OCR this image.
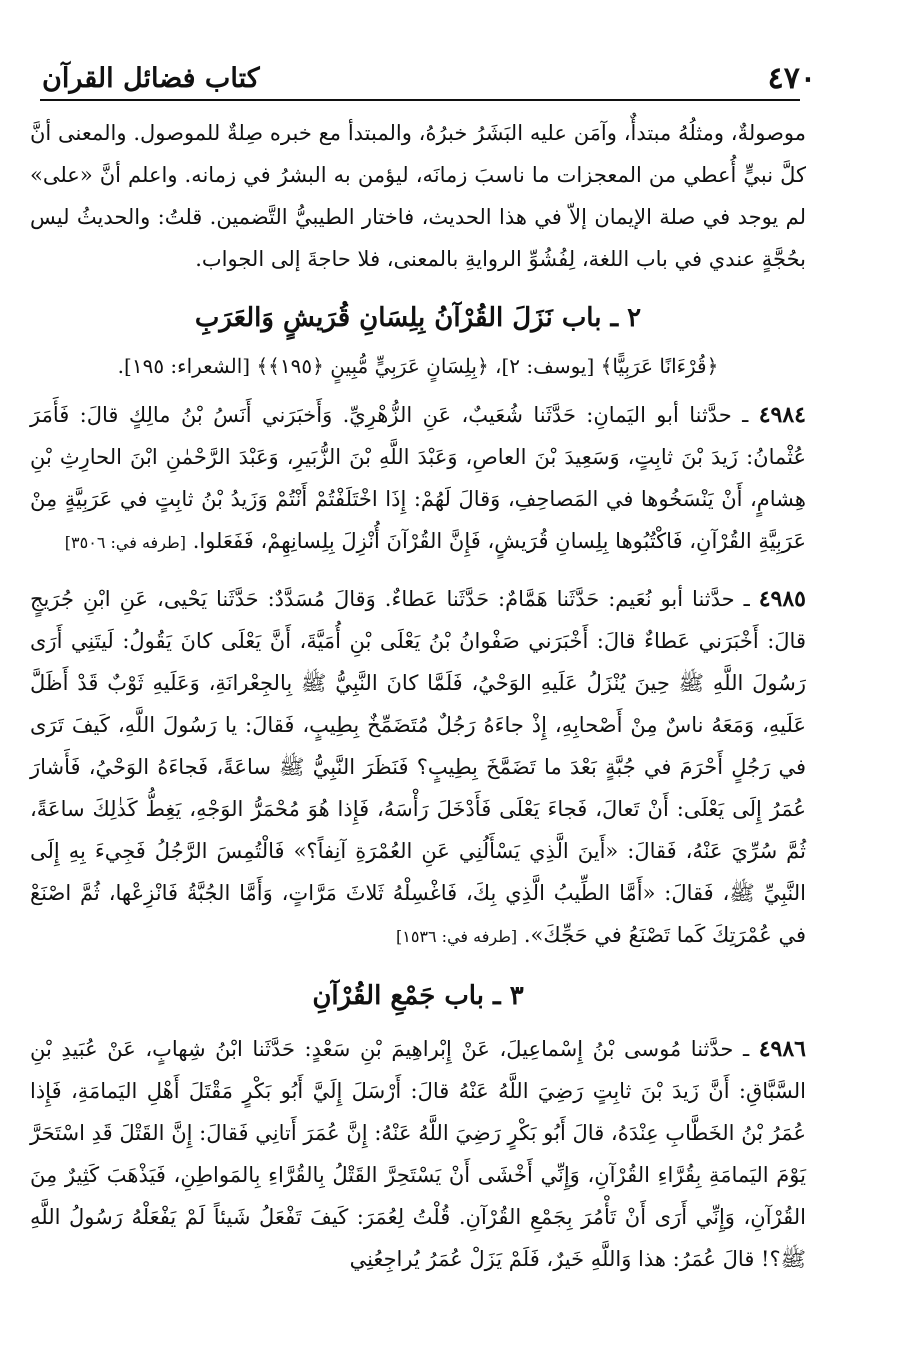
٤٧٠
كتاب فضائل القرآن

موصولةٌ، ومثلُهُ مبتدأٌ، وآمَن عليه البَشَرُ خبرُهُ، والمبتدأ مع خبره صِلةٌ للموصول. والمعنى أنَّ كلَّ نبيٍّ أُعطي من المعجزات ما ناسبَ زمانَه، ليؤمن به البشرُ في زمانه. واعلم أنَّ «على» لم يوجد في صلة الإيمان إلاّ في هذا الحديث، فاختار الطيبيُّ التَّضمين. قلتُ: والحديثُ ليس بحُجَّةٍ عندي في باب اللغة، لِفُشُوِّ الروايةِ بالمعنى، فلا حاجةَ إلى الجواب.

٢ ـ باب نَزَلَ القُرْآنُ بِلِسَانِ قُرَيشٍ وَالعَرَبِ

﴿قُرْءَانًا عَرَبِيًّا﴾ [يوسف: ٢]، ﴿بِلِسَانٍ عَرَبِيٍّ مُّبِينٍ ﴿١٩٥﴾﴾ [الشعراء: ١٩٥].

٤٩٨٤ ـ حدَّثنا أبو اليَمانِ: حَدَّثَنا شُعَيبٌ، عَنِ الزُّهْرِيِّ. وَأَخبَرَني أَنَسُ بْنُ مالِكٍ قالَ: فَأَمَرَ عُثْمانُ: زَيدَ بْنَ ثابِتٍ، وَسَعِيدَ بْنَ العاصِ، وَعَبْدَ اللَّهِ بْنَ الزُّبَيرِ، وَعَبْدَ الرَّحْمٰنِ ابْنَ الحارِثِ بْنِ هِشامٍ، أَنْ يَنْسَخُوها في المَصاحِفِ، وَقالَ لَهُمْ: إِذَا اخْتَلَفْتُمْ أَنْتُمْ وَزَيدُ بْنُ ثابِتٍ في عَرَبِيَّةٍ مِنْ عَرَبِيَّةِ القُرْآنِ، فَاكْتُبُوها بِلِسانِ قُرَيشٍ، فَإِنَّ القُرْآنَ أُنْزِلَ بِلِسانِهِمْ، فَفَعَلوا. [طرفه في: ٣٥٠٦]

٤٩٨٥ ـ حدَّثنا أبو نُعَيم: حَدَّثَنا هَمَّامٌ: حَدَّثَنا عَطاءٌ. وَقالَ مُسَدَّدٌ: حَدَّثَنا يَحْيى، عَنِ ابْنِ جُرَيجٍ قالَ: أَخْبَرَني عَطاءٌ قالَ: أَخْبَرَني صَفْوانُ بْنُ يَعْلَى بْنِ أُمَيَّةَ، أَنَّ يَعْلَى كانَ يَقُولُ: لَيتَنِي أَرَى رَسُولَ اللَّهِ ﷺ حِينَ يُنْزَلُ عَلَيهِ الوَحْيُ، فَلَمَّا كانَ النَّبِيُّ ﷺ بِالجِعْرانَةِ، وَعَلَيهِ ثَوْبٌ قَدْ أَظَلَّ عَلَيهِ، وَمَعَهُ ناسٌ مِنْ أَصْحابِهِ، إِذْ جاءَهُ رَجُلٌ مُتَضَمِّخٌ بِطِيبٍ، فَقالَ: يا رَسُولَ اللَّهِ، كَيفَ تَرَى في رَجُلٍ أَحْرَمَ في جُبَّةٍ بَعْدَ ما تَضَمَّخَ بِطِيبٍ؟ فَنَظَرَ النَّبِيُّ ﷺ ساعَةً، فَجاءَهُ الوَحْيُ، فَأَشارَ عُمَرُ إِلَى يَعْلَى: أَنْ تَعالَ، فَجاءَ يَعْلَى فَأَدْخَلَ رَأْسَهُ، فَإِذا هُوَ مُحْمَرُّ الوَجْهِ، يَغِطُّ كَذٰلِكَ ساعَةً، ثُمَّ سُرِّيَ عَنْهُ، فَقالَ: «أَينَ الَّذِي يَسْأَلُنِي عَنِ العُمْرَةِ آنِفاً؟» فَالْتُمِسَ الرَّجُلُ فَجِيءَ بِهِ إِلَى النَّبِيِّ ﷺ، فَقالَ: «أَمَّا الطِّيبُ الَّذِي بِكَ، فَاغْسِلْهُ ثَلاثَ مَرَّاتٍ، وَأَمَّا الجُبَّةُ فَانْزِعْها، ثُمَّ اصْنَعْ في عُمْرَتِكَ كَما تَصْنَعُ في حَجِّكَ». [طرفه في: ١٥٣٦]

٣ ـ باب جَمْعِ القُرْآنِ

٤٩٨٦ ـ حدَّثنا مُوسى بْنُ إِسْماعِيلَ، عَنْ إِبْراهِيمَ بْنِ سَعْدٍ: حَدَّثَنا ابْنُ شِهابٍ، عَنْ عُبَيدِ بْنِ السَّبَّاقِ: أَنَّ زَيدَ بْنَ ثابِتٍ رَضِيَ اللَّهُ عَنْهُ قالَ: أَرْسَلَ إِلَيَّ أَبُو بَكْرٍ مَقْتَلَ أَهْلِ اليَمامَةِ، فَإِذا عُمَرُ بْنُ الخَطَّابِ عِنْدَهُ، قالَ أَبُو بَكْرٍ رَضِيَ اللَّهُ عَنْهُ: إِنَّ عُمَرَ أَتانِي فَقالَ: إِنَّ القَتْلَ قَدِ اسْتَحَرَّ يَوْمَ اليَمامَةِ بِقُرَّاءِ القُرْآنِ، وَإِنِّي أَخْشَى أَنْ يَسْتَحِرَّ القَتْلُ بِالقُرَّاءِ بِالمَواطِنِ، فَيَذْهَبَ كَثِيرٌ مِنَ القُرْآنِ، وَإِنِّي أَرَى أَنْ تَأْمُرَ بِجَمْعِ القُرْآنِ. قُلْتُ لِعُمَرَ: كَيفَ تَفْعَلُ شَيئاً لَمْ يَفْعَلْهُ رَسُولُ اللَّهِ ﷺ؟! قالَ عُمَرُ: هذا وَاللَّهِ خَيرٌ، فَلَمْ يَزَلْ عُمَرُ يُراجِعُنِي
